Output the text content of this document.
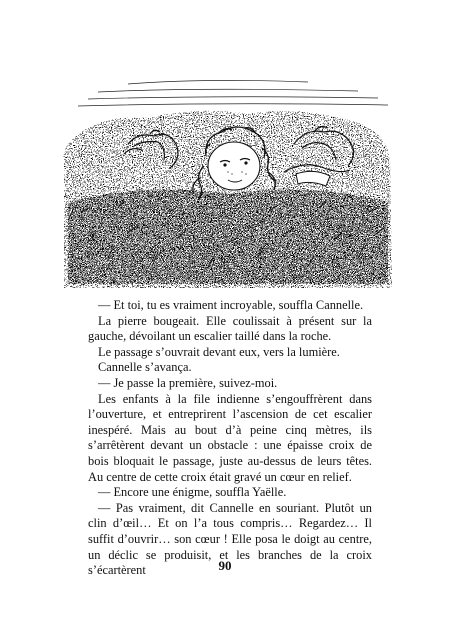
— Et toi, tu es vraiment incroyable, souffla Cannelle.

La pierre bougeait. Elle coulissait à présent sur la gauche, dévoilant un escalier taillé dans la roche.

Le passage s’ouvrait devant eux, vers la lumière.

Cannelle s’avança.

— Je passe la première, suivez-moi.

Les enfants à la file indienne s’engouffrèrent dans l’ouverture, et entreprirent l’ascension de cet escalier inespéré. Mais au bout d’à peine cinq mètres, ils s’arrêtèrent devant un obstacle : une épaisse croix de bois bloquait le passage, juste au-dessus de leurs têtes. Au centre de cette croix était gravé un cœur en relief.

— Encore une énigme, souffla Yaëlle.

— Pas vraiment, dit Cannelle en souriant. Plutôt un clin d’œil… Et on l’a tous compris… Regardez… Il suffit d’ouvrir… son cœur ! Elle posa le doigt au centre, un déclic se produisit, et les branches de la croix s’écartèrent	90
